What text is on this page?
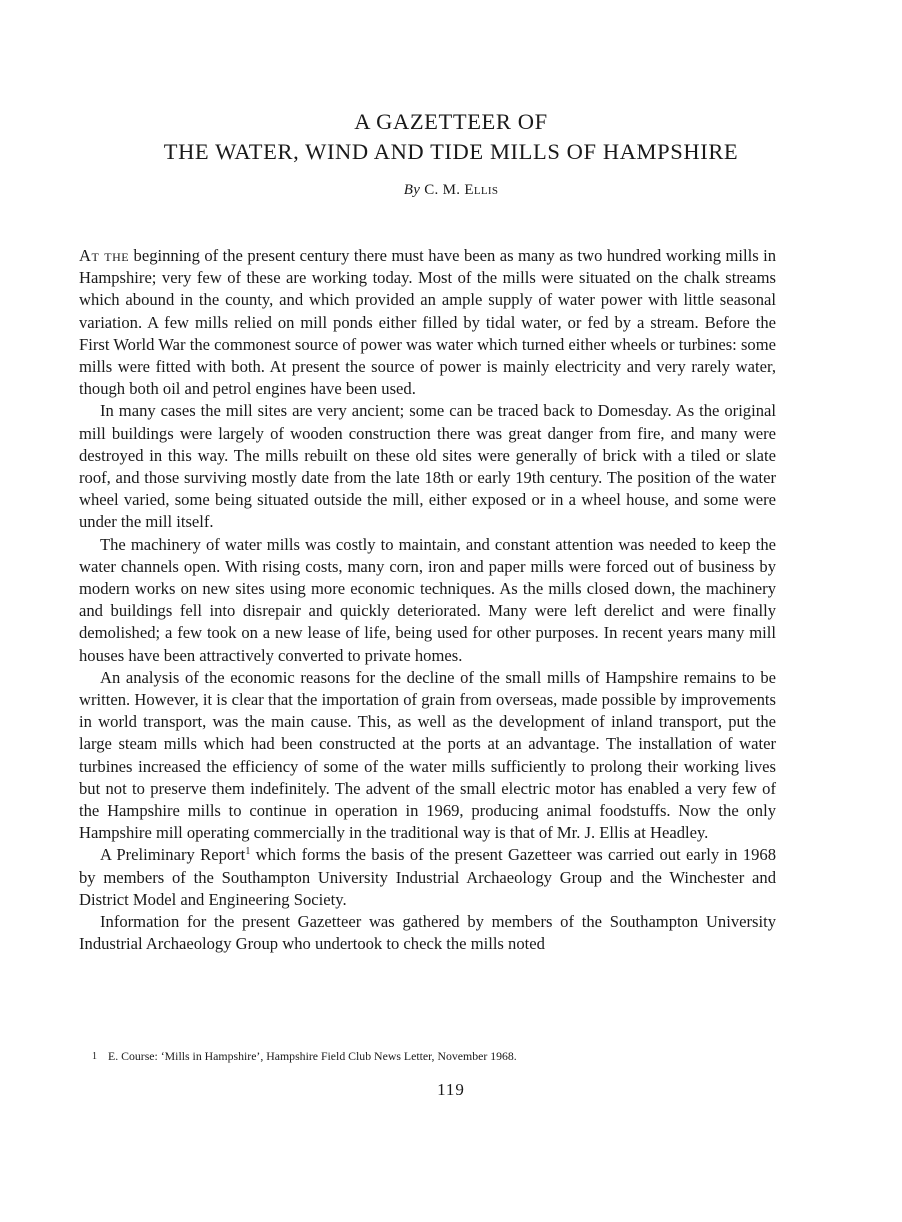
A GAZETTEER OF
THE WATER, WIND AND TIDE MILLS OF HAMPSHIRE
By C. M. Ellis

At the beginning of the present century there must have been as many as two hundred working mills in Hampshire; very few of these are working today. Most of the mills were situated on the chalk streams which abound in the county, and which provided an ample supply of water power with little seasonal variation. A few mills relied on mill ponds either filled by tidal water, or fed by a stream. Before the First World War the commonest source of power was water which turned either wheels or turbines: some mills were fitted with both. At present the source of power is mainly electricity and very rarely water, though both oil and petrol engines have been used.

In many cases the mill sites are very ancient; some can be traced back to Domesday. As the original mill buildings were largely of wooden construction there was great danger from fire, and many were destroyed in this way. The mills rebuilt on these old sites were generally of brick with a tiled or slate roof, and those surviving mostly date from the late 18th or early 19th century. The position of the water wheel varied, some being situated outside the mill, either exposed or in a wheel house, and some were under the mill itself.

The machinery of water mills was costly to maintain, and constant attention was needed to keep the water channels open. With rising costs, many corn, iron and paper mills were forced out of business by modern works on new sites using more economic techniques. As the mills closed down, the machinery and buildings fell into disrepair and quickly deteriorated. Many were left derelict and were finally demolished; a few took on a new lease of life, being used for other purposes. In recent years many mill houses have been attractively converted to private homes.

An analysis of the economic reasons for the decline of the small mills of Hampshire remains to be written. However, it is clear that the importation of grain from overseas, made possible by improvements in world transport, was the main cause. This, as well as the development of inland transport, put the large steam mills which had been constructed at the ports at an advantage. The installation of water turbines increased the efficiency of some of the water mills sufficiently to prolong their working lives but not to preserve them indefinitely. The advent of the small electric motor has enabled a very few of the Hampshire mills to continue in operation in 1969, producing animal foodstuffs. Now the only Hampshire mill operating commercially in the traditional way is that of Mr. J. Ellis at Headley.

A Preliminary Report$^1$ which forms the basis of the present Gazetteer was carried out early in 1968 by members of the Southampton University Industrial Archaeology Group and the Winchester and District Model and Engineering Society.

Information for the present Gazetteer was gathered by members of the Southampton University Industrial Archaeology Group who undertook to check the mills noted

1 E. Course: ‘Mills in Hampshire’, Hampshire Field Club News Letter, November 1968.
119
